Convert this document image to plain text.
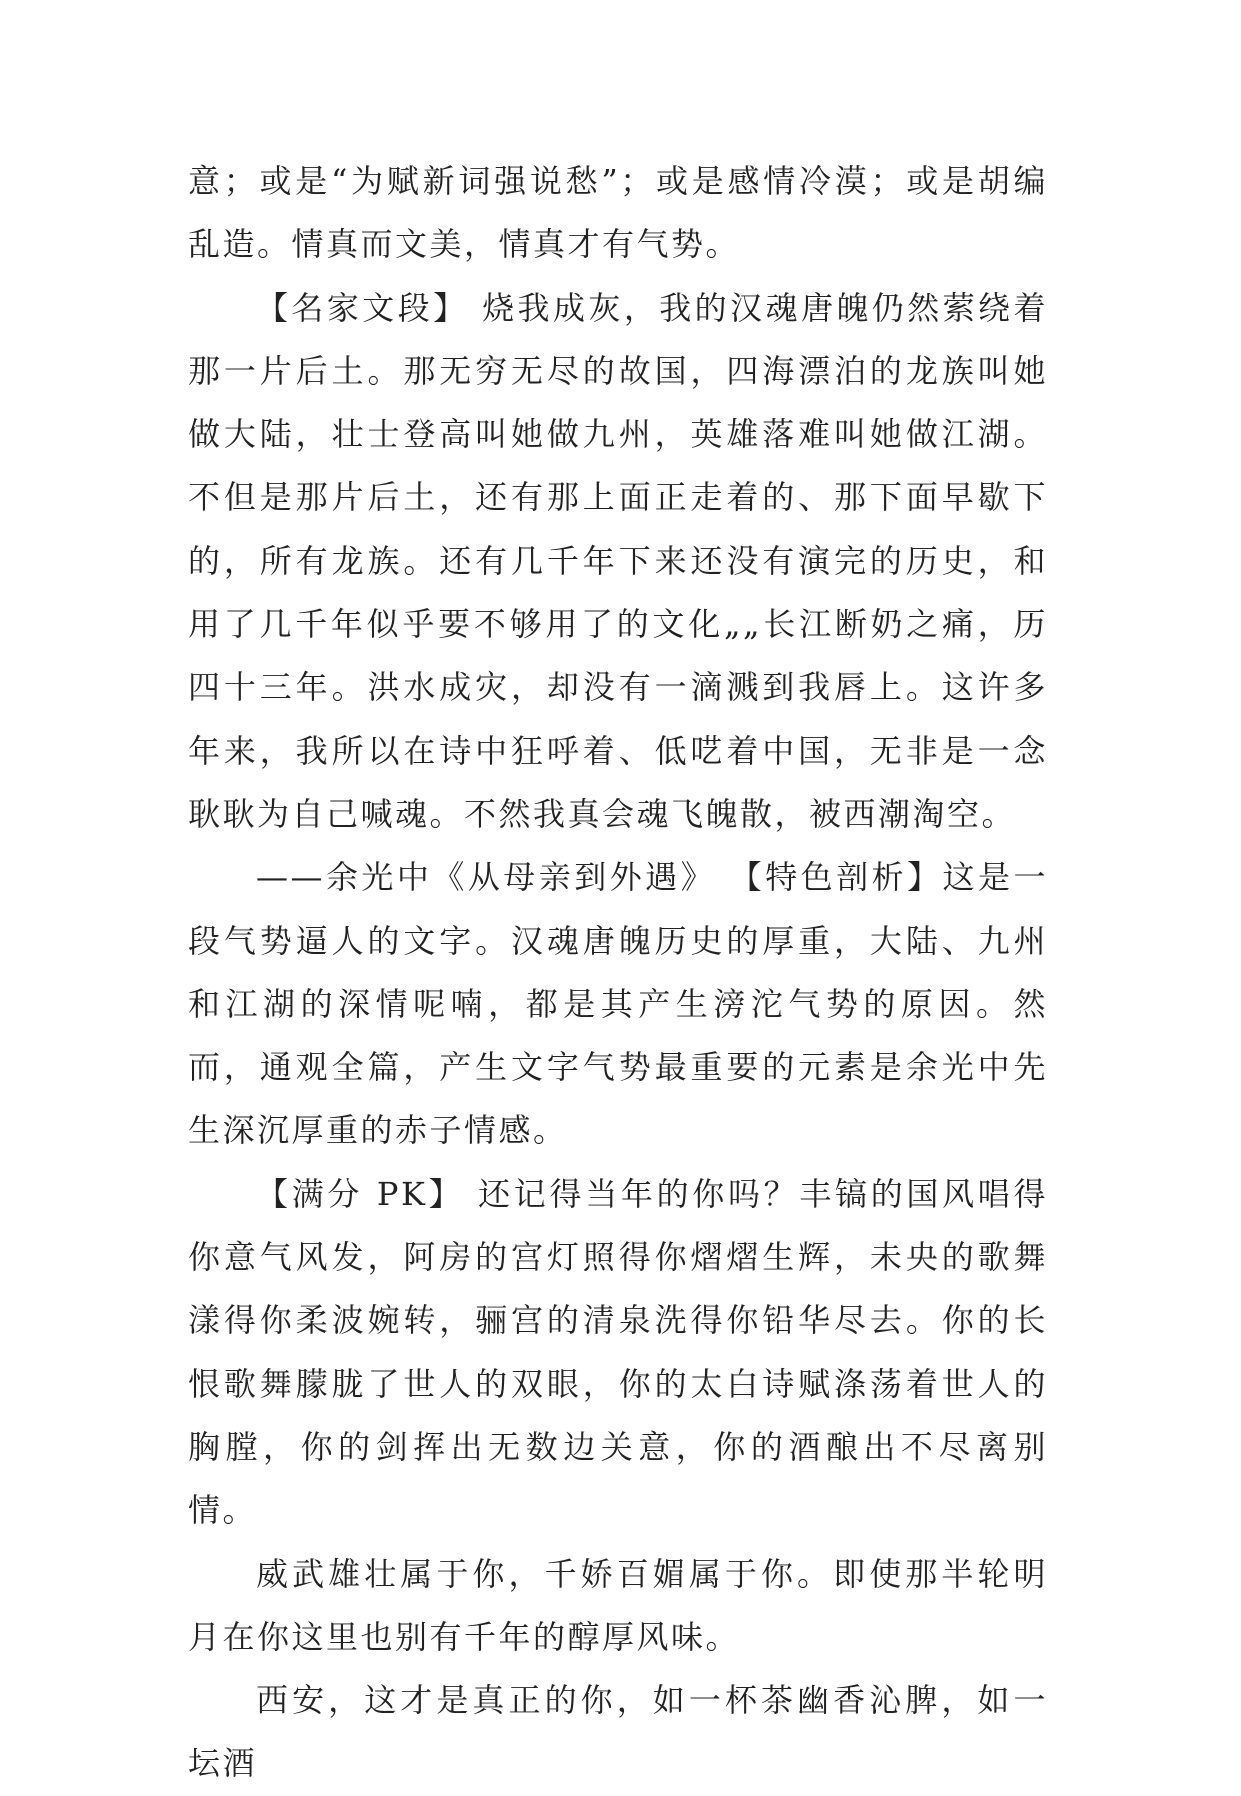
意；或是“为赋新词强说愁”；或是感情冷漠；或是胡编乱造。情真而文美，情真才有气势。

【名家文段】 烧我成灰，我的汉魂唐魄仍然萦绕着那一片后土。那无穷无尽的故国，四海漂泊的龙族叫她做大陆，壮士登高叫她做九州，英雄落难叫她做江湖。不但是那片后土，还有那上面正走着的、那下面早歇下的，所有龙族。还有几千年下来还没有演完的历史，和用了几千年似乎要不够用了的文化„„长江断奶之痛，历四十三年。洪水成灾，却没有一滴溅到我唇上。这许多年来，我所以在诗中狂呼着、低呓着中国，无非是一念耿耿为自己喊魂。不然我真会魂飞魄散，被西潮淘空。

——余光中《从母亲到外遇》 【特色剖析】这是一段气势逼人的文字。汉魂唐魄历史的厚重，大陆、九州和江湖的深情呢喃，都是其产生滂沱气势的原因。然而，通观全篇，产生文字气势最重要的元素是余光中先生深沉厚重的赤子情感。

【满分 PK】 还记得当年的你吗？丰镐的国风唱得你意气风发，阿房的宫灯照得你熠熠生辉，未央的歌舞漾得你柔波婉转，骊宫的清泉洗得你铅华尽去。你的长恨歌舞朦胧了世人的双眼，你的太白诗赋涤荡着世人的胸膛，你的剑挥出无数边关意，你的酒酿出不尽离别情。

威武雄壮属于你，千娇百媚属于你。即使那半轮明月在你这里也别有千年的醇厚风味。

西安，这才是真正的你，如一杯茶幽香沁脾，如一坛酒
